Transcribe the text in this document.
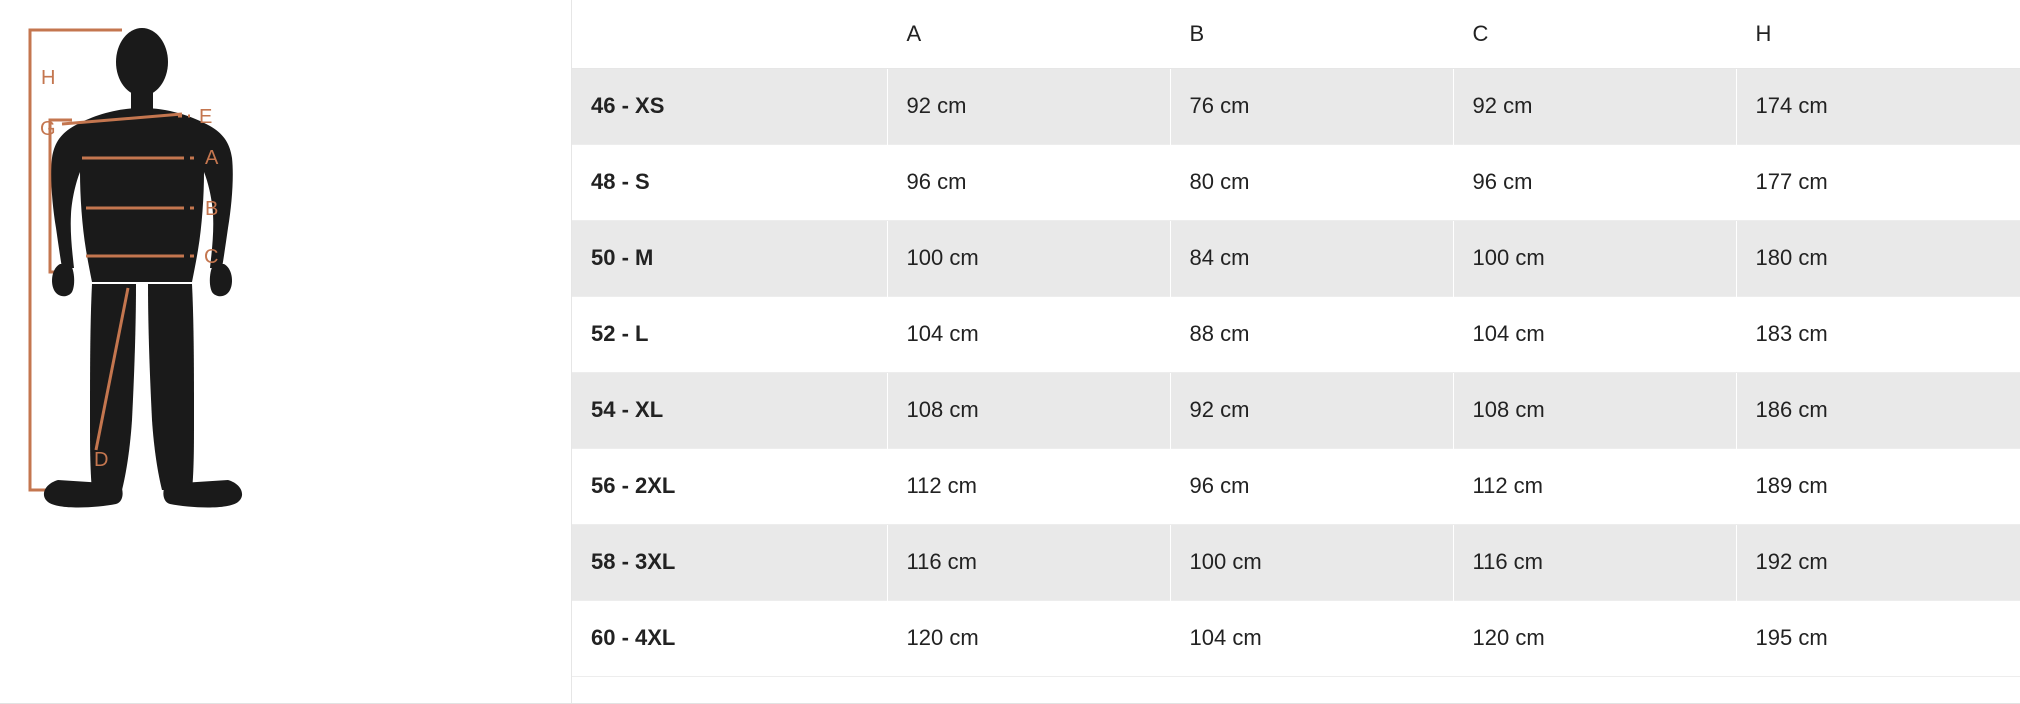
H
G
E
A
B
C
D
	A	B	C	H
46 - XS	92 cm	76 cm	92 cm	174 cm
48 - S	96 cm	80 cm	96 cm	177 cm
50 - M	100 cm	84 cm	100 cm	180 cm
52 - L	104 cm	88 cm	104 cm	183 cm
54 - XL	108 cm	92 cm	108 cm	186 cm
56 - 2XL	112 cm	96 cm	112 cm	189 cm
58 - 3XL	116 cm	100 cm	116 cm	192 cm
60 - 4XL	120 cm	104 cm	120 cm	195 cm
